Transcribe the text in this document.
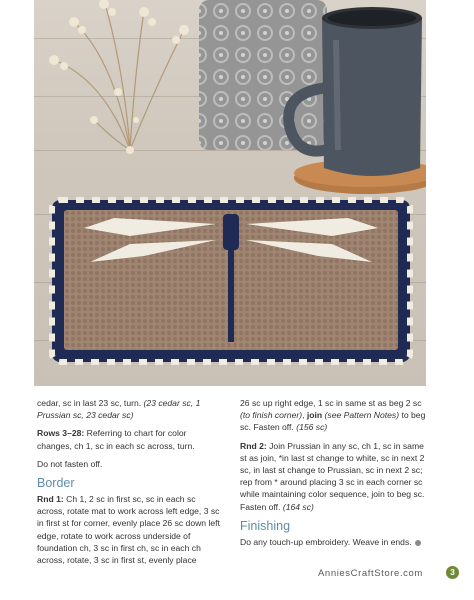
cedar, sc in last 23 sc, turn. (23 cedar sc, 1 Prussian sc, 23 cedar sc)

Rows 3–28: Referring to chart for color changes, ch 1, sc in each sc across, turn.

Do not fasten off.

Border

Rnd 1: Ch 1, 2 sc in first sc, sc in each sc across, rotate mat to work across left edge, 3 sc in first st for corner, evenly place 26 sc down left edge, rotate to work across underside of foundation ch, 3 sc in first ch, sc in each ch across, rotate, 3 sc in first st, evenly place

26 sc up right edge, 1 sc in same st as beg 2 sc (to finish corner), join (see Pattern Notes) to beg sc. Fasten off. (156 sc)

Rnd 2: Join Prussian in any sc, ch 1, sc in same st as join, *in last st change to white, sc in next 2 sc, in last st change to Prussian, sc in next 2 sc; rep from * around placing 3 sc in each corner sc while maintaining color sequence, join to beg sc. Fasten off. (164 sc)

Finishing

Do any touch-up embroidery. Weave in ends.

AnniesCraftStore.com	3
